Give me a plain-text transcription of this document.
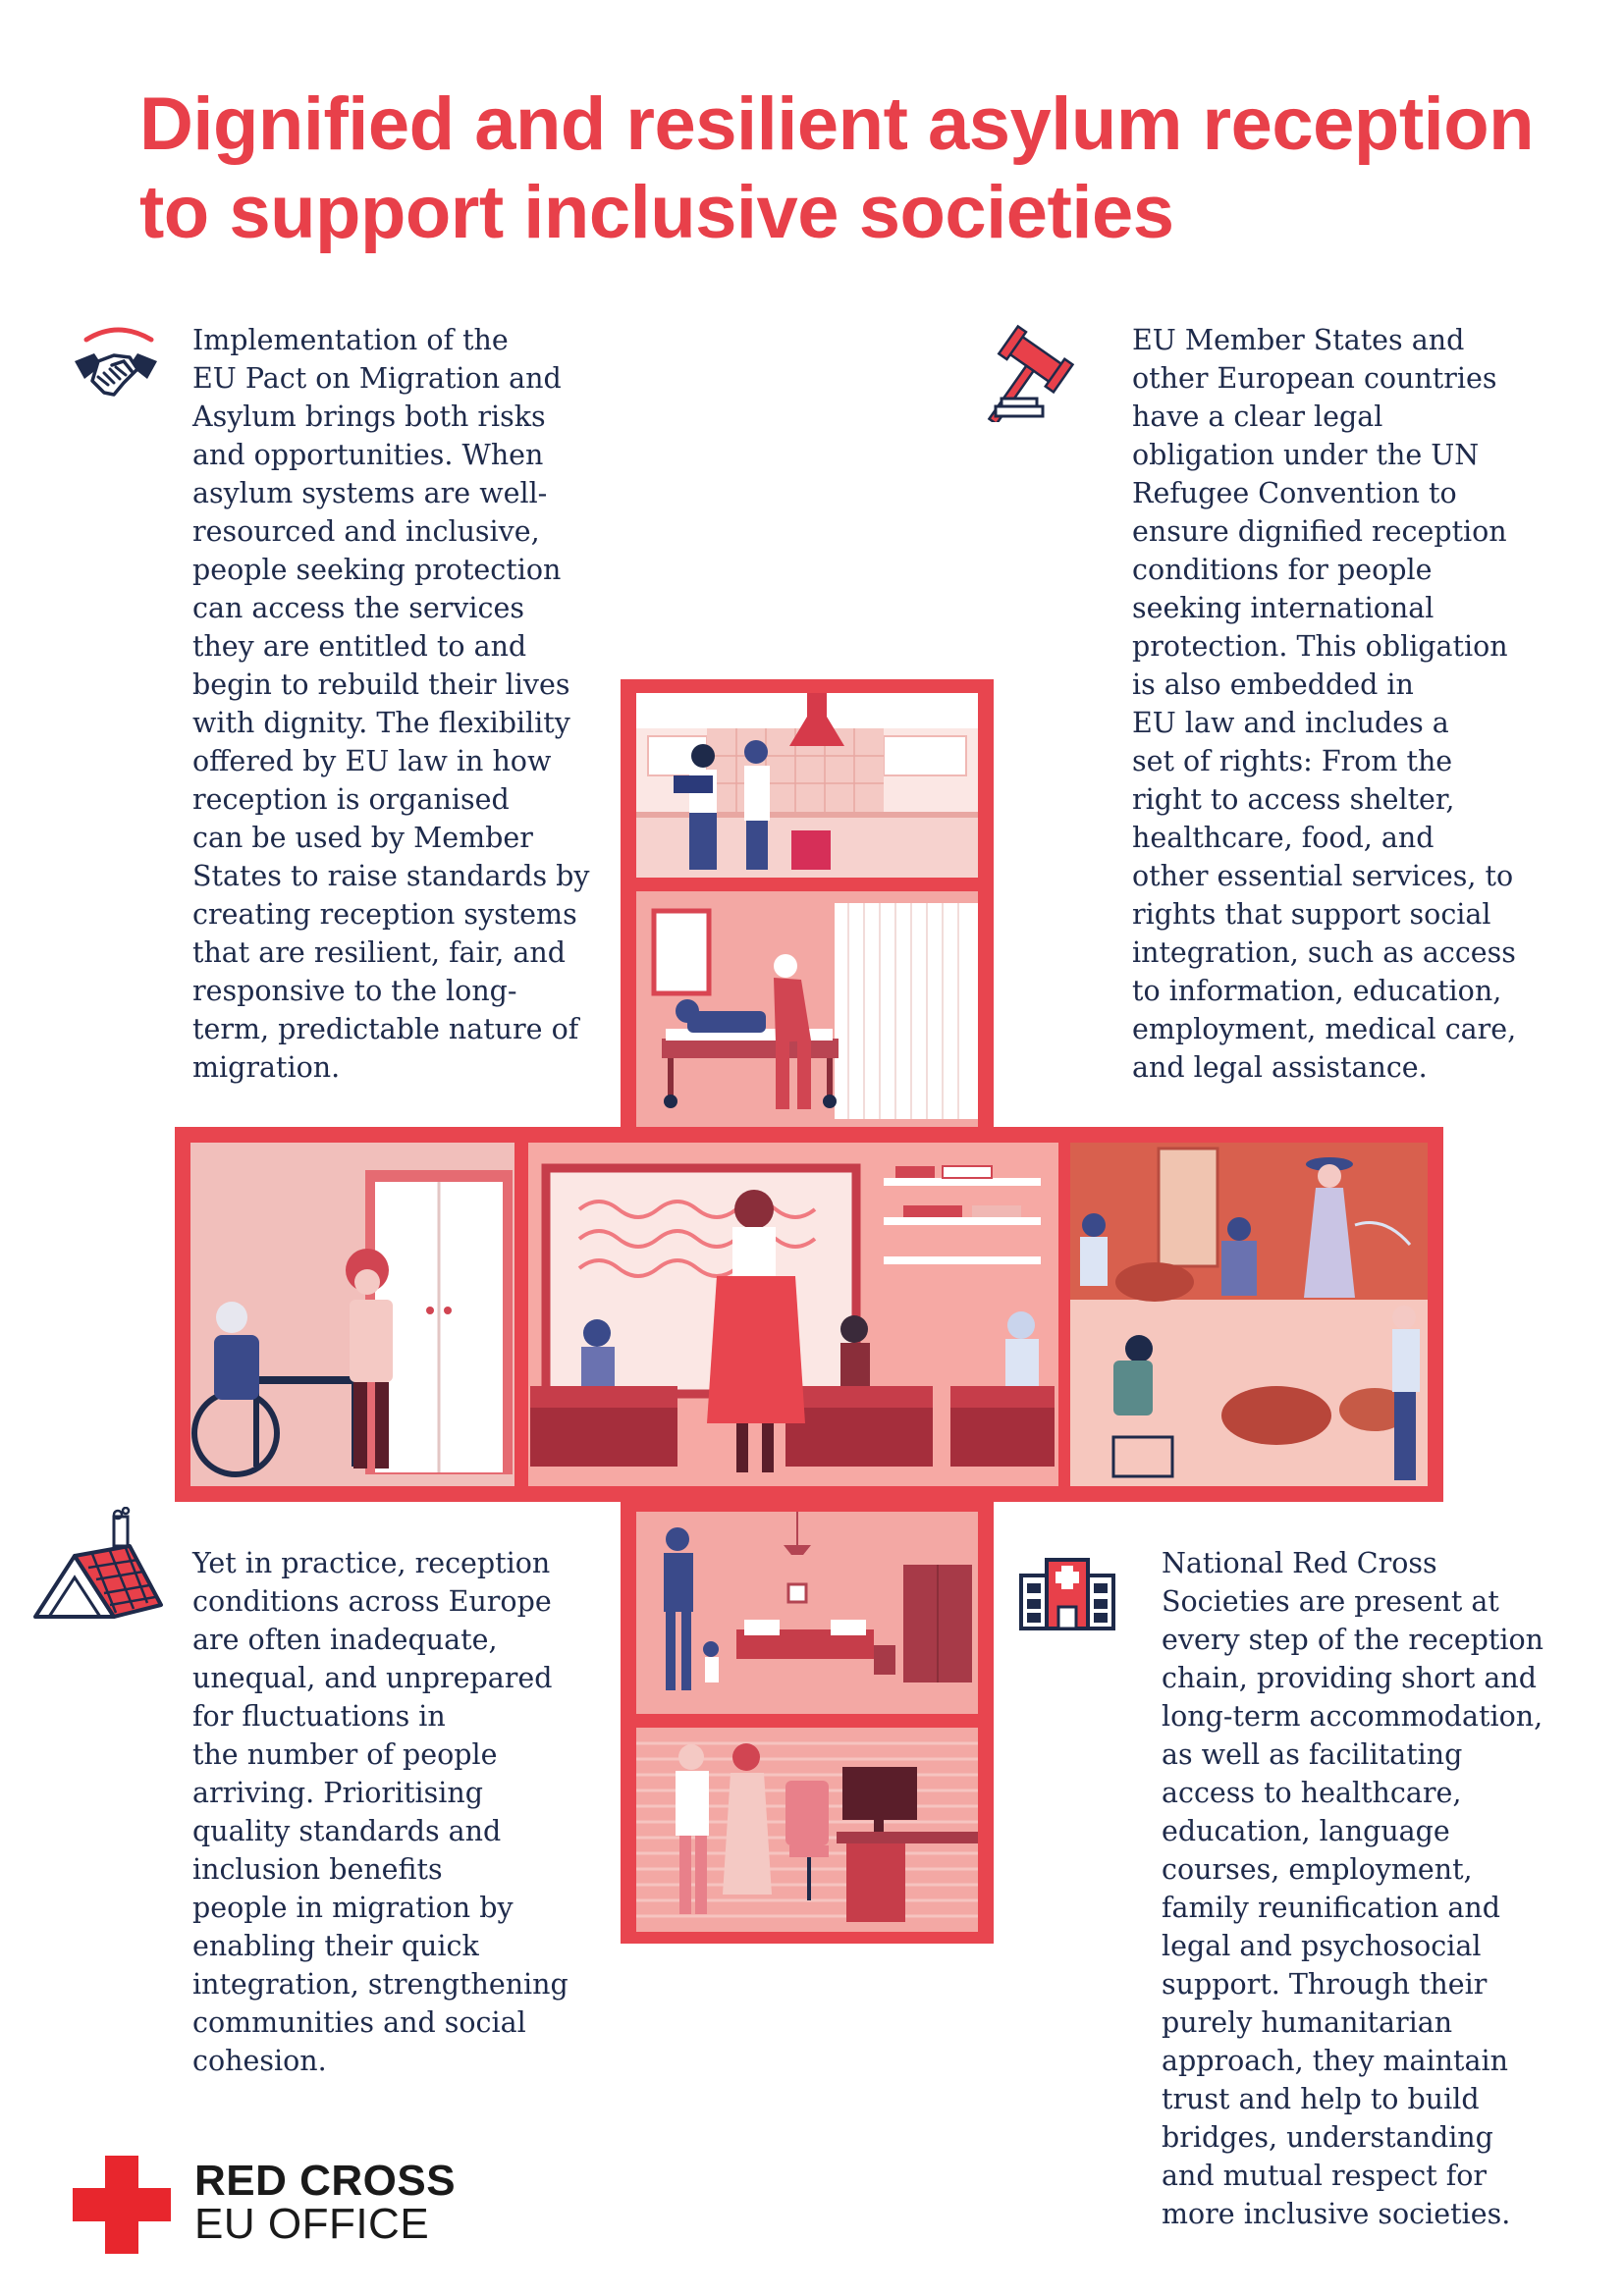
Dignified and resilient asylum reception
to support inclusive societies
Implementation of the
EU Pact on Migration and
Asylum brings both risks
and opportunities. When
asylum systems are well-
resourced and inclusive,
people seeking protection
can access the services
they are entitled to and
begin to rebuild their lives
with dignity. The flexibility
offered by EU law in how
reception is organised
can be used by Member
States to raise standards by
creating reception systems
that are resilient, fair, and
responsive to the long-
term, predictable nature of
migration.
EU Member States and
other European countries
have a clear legal
obligation under the UN
Refugee Convention to
ensure dignified reception
conditions for people
seeking international
protection. This obligation
is also embedded in
EU law and includes a
set of rights: From the
right to access shelter,
healthcare, food, and
other essential services, to
rights that support social
integration, such as access
to information, education,
employment, medical care,
and legal assistance.
Yet in practice, reception
conditions across Europe
are often inadequate,
unequal, and unprepared
for fluctuations in
the number of people
arriving. Prioritising
quality standards and
inclusion benefits
people in migration by
enabling their quick
integration, strengthening
communities and social
cohesion.
National Red Cross
Societies are present at
every step of the reception
chain, providing short and
long-term accommodation,
as well as facilitating
access to healthcare,
education, language
courses, employment,
family reunification and
legal and psychosocial
support. Through their
purely humanitarian
approach, they maintain
trust and help to build
bridges, understanding
and mutual respect for
more inclusive societies.
RED CROSS
EU OFFICE
